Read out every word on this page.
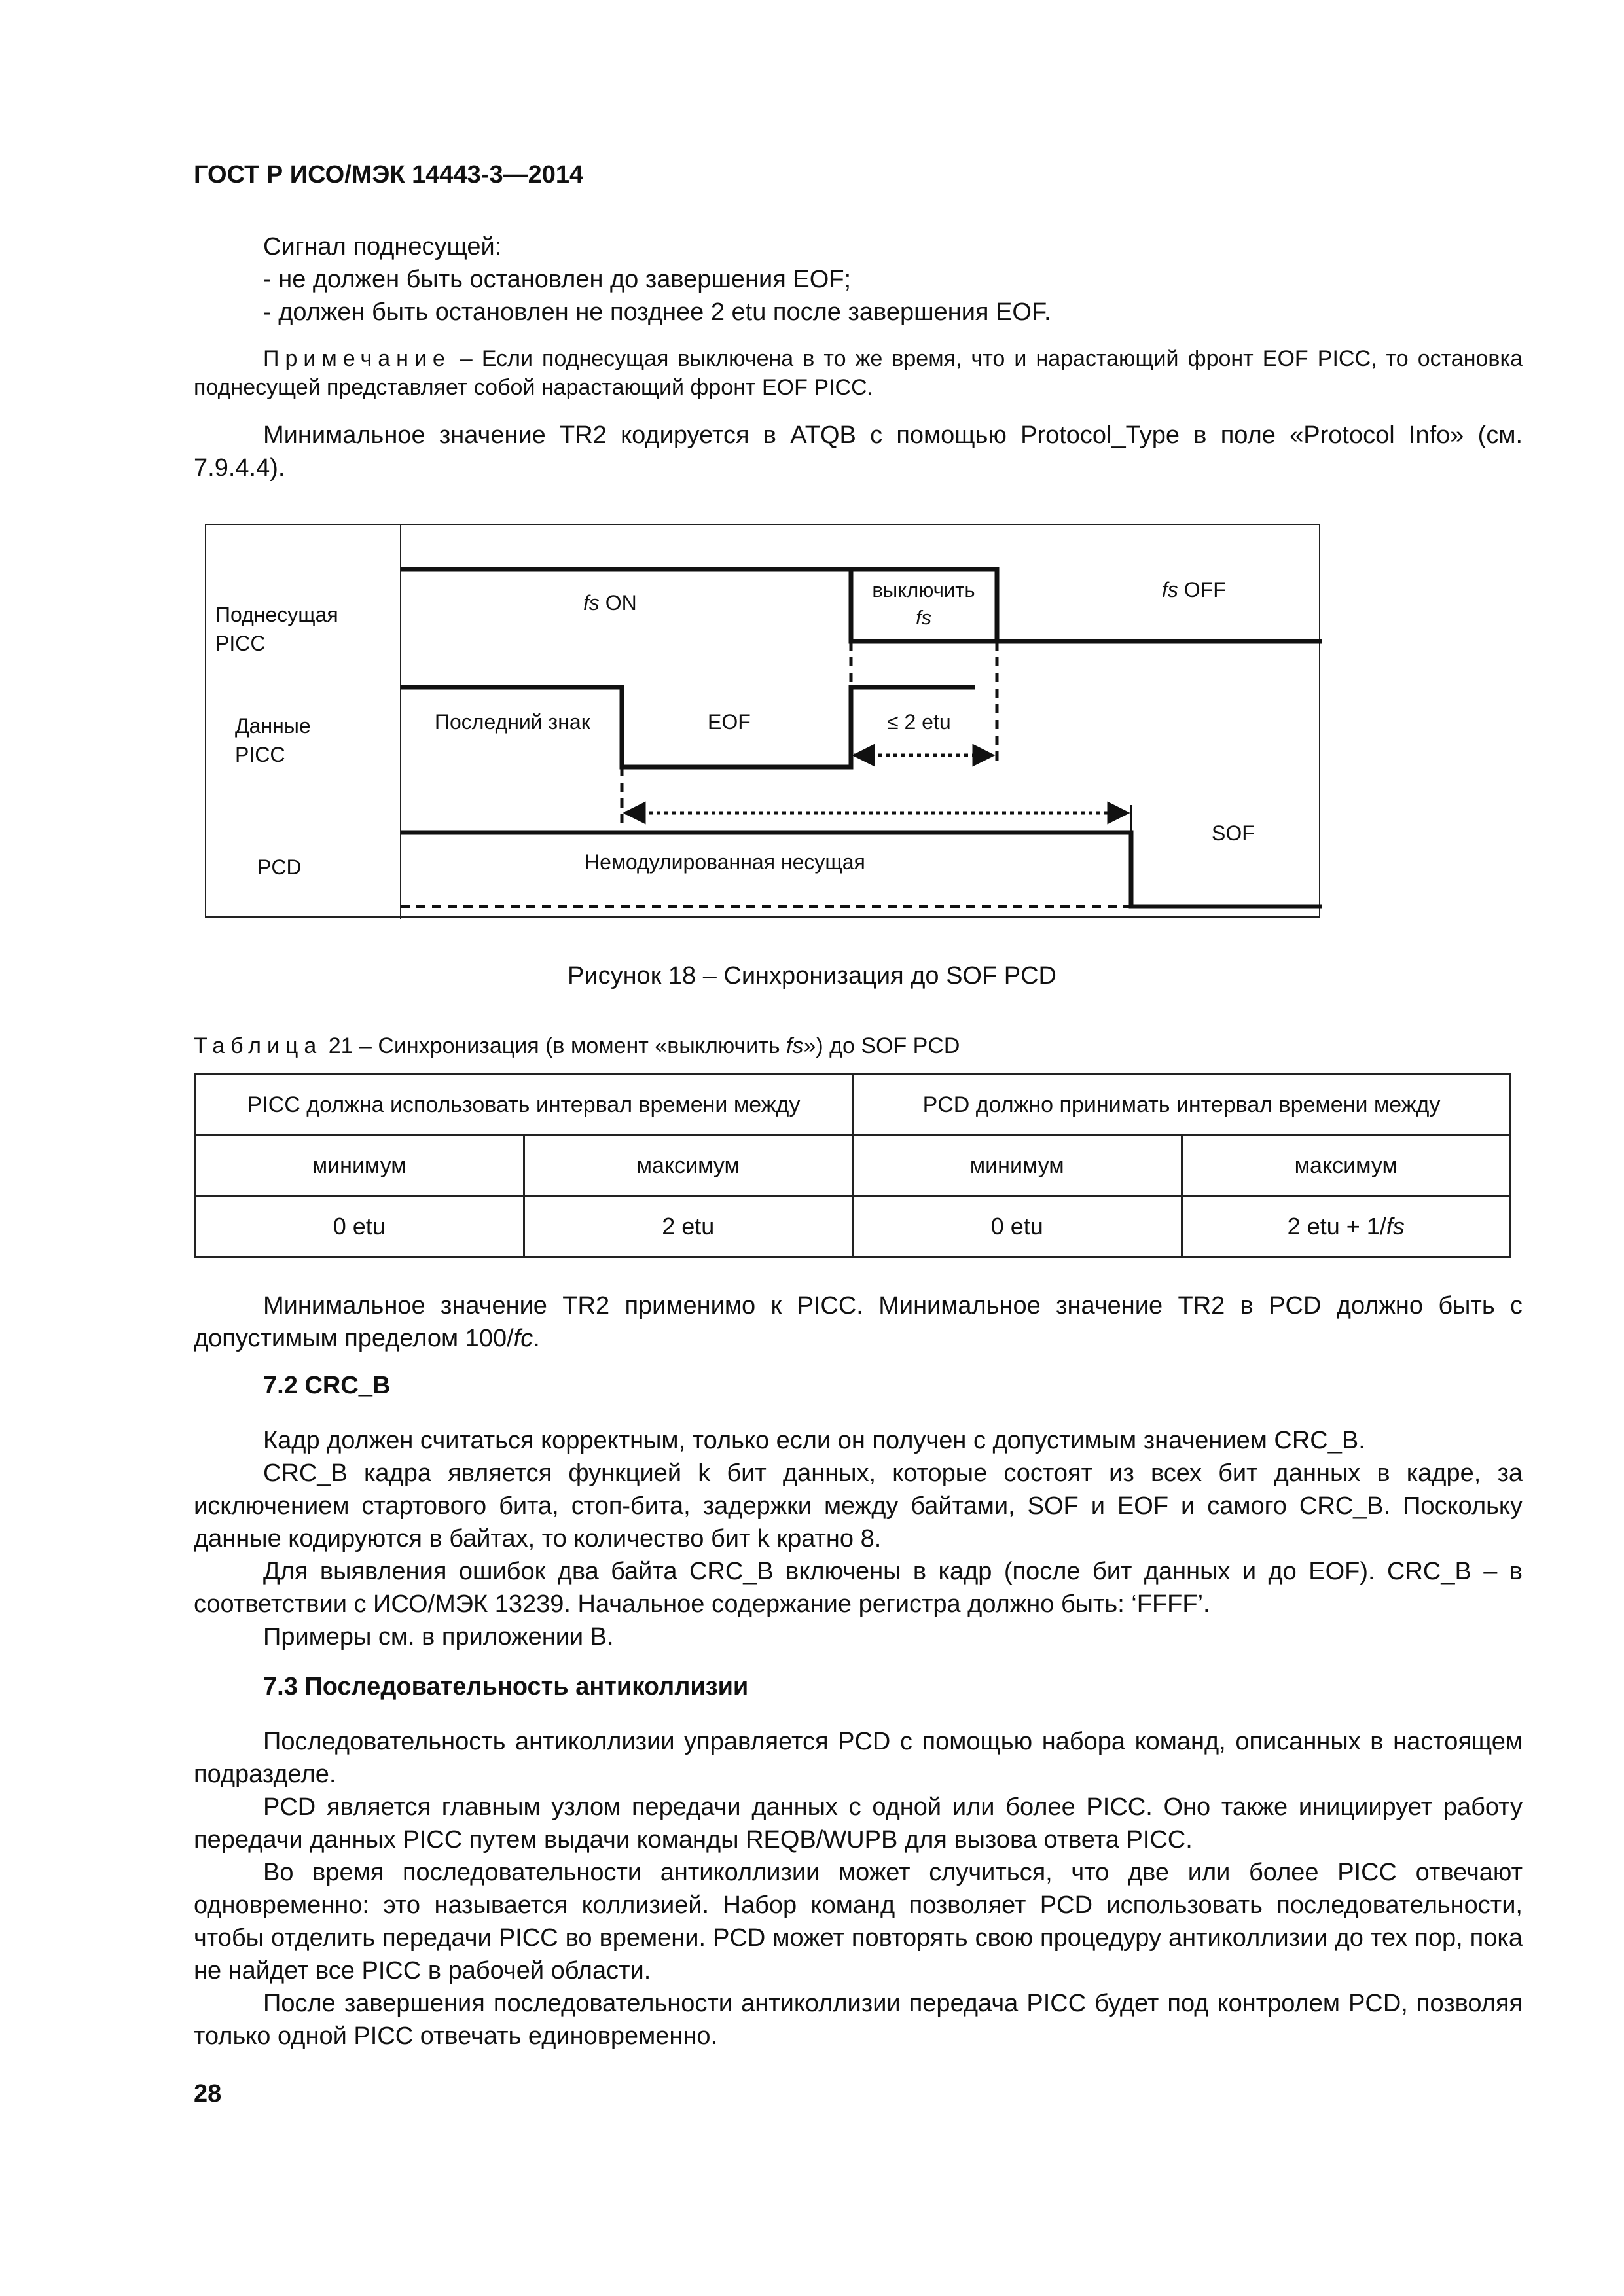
ГОСТ Р ИСО/МЭК 14443-3—2014
Сигнал поднесущей:
- не должен быть остановлен до завершения EOF;
- должен быть остановлен не позднее 2 etu после завершения EOF.
Примечание – Если поднесущая выключена в то же время, что и нарастающий фронт EOF PICC, то остановка поднесущей представляет собой нарастающий фронт EOF PICC.
Минимальное значение TR2 кодируется в ATQB с помощью Protocol_Type в поле «Protocol Info» (см. 7.9.4.4).
Поднесущая
PICC
Данные
PICC
PCD
fs ON
выключить
fs
fs OFF
Последний знак	EOF	≤ 2 etu
SOF
Немодулированная несущая
Рисунок 18 – Синхронизация до SOF PCD
Таблица 21 – Синхронизация (в момент «выключить fs») до SOF PCD
PICC должна использовать интервал времени между		PCD должно принимать интервал времени между	
минимум	максимум	минимум	максимум
0 etu	2 etu	0 etu	2 etu + 1/fs
Минимальное значение TR2 применимо к PICC. Минимальное значение TR2 в PCD должно быть с допустимым пределом 100/fc.
7.2 CRC_B
Кадр должен считаться корректным, только если он получен с допустимым значением CRC_B.
CRC_B кадра является функцией k бит данных, которые состоят из всех бит данных в кадре, за исключением стартового бита, стоп-бита, задержки между байтами, SOF и EOF и самого CRC_B. Поскольку данные кодируются в байтах, то количество бит k кратно 8.
Для выявления ошибок два байта CRC_B включены в кадр (после бит данных и до EOF). CRC_B – в соответствии с ИСО/МЭК 13239. Начальное содержание регистра должно быть: ‘FFFF’.
Примеры см. в приложении B.
7.3 Последовательность антиколлизии
Последовательность антиколлизии управляется PCD с помощью набора команд, описанных в настоящем подразделе.
PCD является главным узлом передачи данных с одной или более PICC. Оно также инициирует работу передачи данных PICC путем выдачи команды REQB/WUPB для вызова ответа PICC.
Во время последовательности антиколлизии может случиться, что две или более PICC отвечают одновременно: это называется коллизией. Набор команд позволяет PCD использовать последовательности, чтобы отделить передачи PICC во времени. PCD может повторять свою процедуру антиколлизии до тех пор, пока не найдет все PICC в рабочей области.
После завершения последовательности антиколлизии передача PICC будет под контролем PCD, позволяя только одной PICC отвечать единовременно.
28
